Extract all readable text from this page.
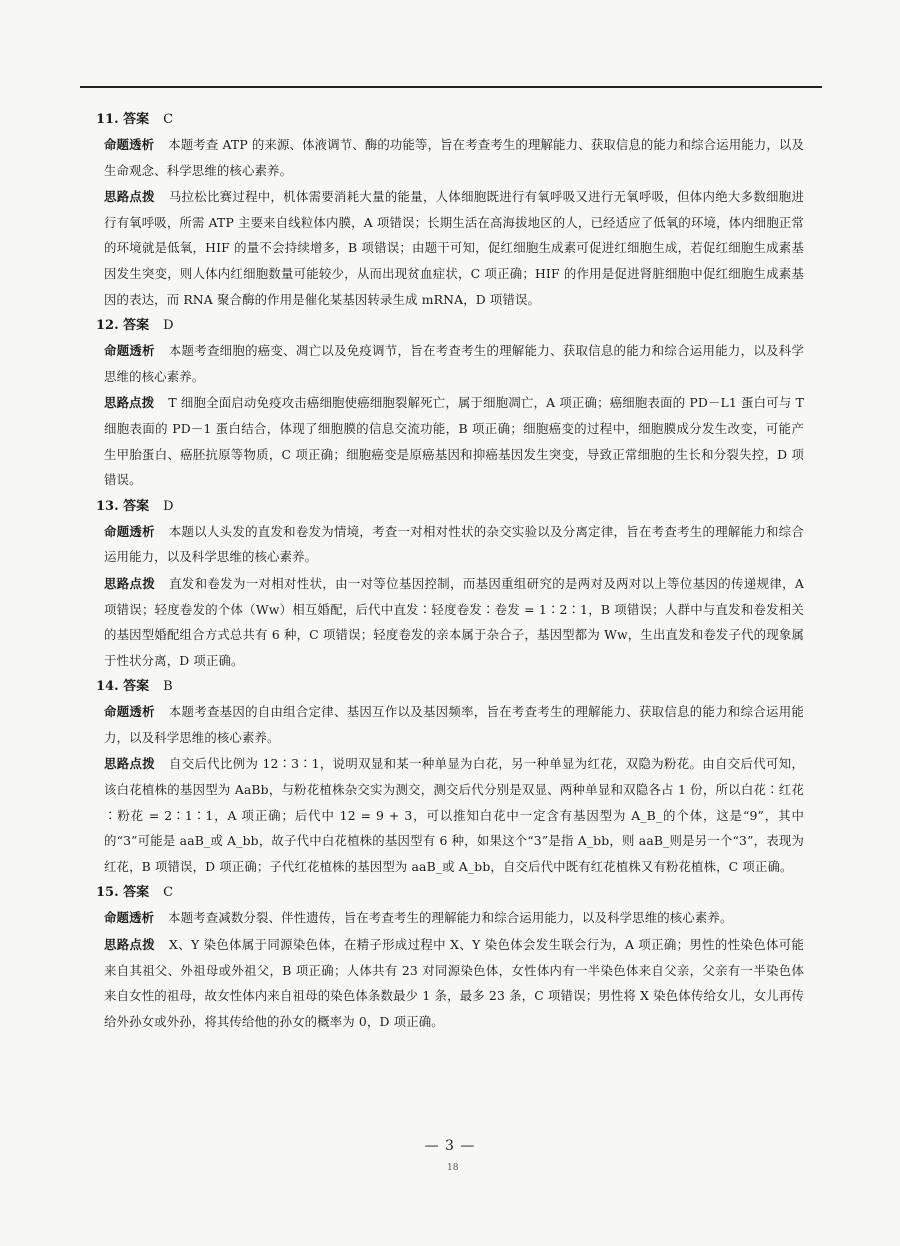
11. 答案 C
命题透析 本题考查 ATP 的来源、体液调节、酶的功能等，旨在考查考生的理解能力、获取信息的能力和综合运用能力，以及生命观念、科学思维的核心素养。
思路点拨 马拉松比赛过程中，机体需要消耗大量的能量，人体细胞既进行有氧呼吸又进行无氧呼吸，但体内绝大多数细胞进行有氧呼吸，所需 ATP 主要来自线粒体内膜，A 项错误；长期生活在高海拔地区的人，已经适应了低氧的环境，体内细胞正常的环境就是低氧，HIF 的量不会持续增多，B 项错误；由题干可知，促红细胞生成素可促进红细胞生成，若促红细胞生成素基因发生突变，则人体内红细胞数量可能较少，从而出现贫血症状，C 项正确；HIF 的作用是促进肾脏细胞中促红细胞生成素基因的表达，而 RNA 聚合酶的作用是催化某基因转录生成 mRNA，D 项错误。
12. 答案 D
命题透析 本题考查细胞的癌变、凋亡以及免疫调节，旨在考查考生的理解能力、获取信息的能力和综合运用能力，以及科学思维的核心素养。
思路点拨 T 细胞全面启动免疫攻击癌细胞使癌细胞裂解死亡，属于细胞凋亡，A 项正确；癌细胞表面的 PD－L1 蛋白可与 T 细胞表面的 PD－1 蛋白结合，体现了细胞膜的信息交流功能，B 项正确；细胞癌变的过程中，细胞膜成分发生改变，可能产生甲胎蛋白、癌胚抗原等物质，C 项正确；细胞癌变是原癌基因和抑癌基因发生突变，导致正常细胞的生长和分裂失控，D 项错误。
13. 答案 D
命题透析 本题以人头发的直发和卷发为情境，考查一对相对性状的杂交实验以及分离定律，旨在考查考生的理解能力和综合运用能力，以及科学思维的核心素养。
思路点拨 直发和卷发为一对相对性状，由一对等位基因控制，而基因重组研究的是两对及两对以上等位基因的传递规律，A 项错误；轻度卷发的个体（Ww）相互婚配，后代中直发∶轻度卷发∶卷发 = 1∶2∶1，B 项错误；人群中与直发和卷发相关的基因型婚配组合方式总共有 6 种，C 项错误；轻度卷发的亲本属于杂合子，基因型都为 Ww，生出直发和卷发子代的现象属于性状分离，D 项正确。
14. 答案 B
命题透析 本题考查基因的自由组合定律、基因互作以及基因频率，旨在考查考生的理解能力、获取信息的能力和综合运用能力，以及科学思维的核心素养。
思路点拨 自交后代比例为 12∶3∶1，说明双显和某一种单显为白花，另一种单显为红花，双隐为粉花。由自交后代可知，该白花植株的基因型为 AaBb，与粉花植株杂交实为测交，测交后代分别是双显、两种单显和双隐各占 1 份，所以白花∶红花∶粉花 = 2∶1∶1，A 项正确；后代中 12 = 9 + 3，可以推知白花中一定含有基因型为 A_B_的个体，这是“9”，其中的“3”可能是 aaB_或 A_bb，故子代中白花植株的基因型有 6 种，如果这个“3”是指 A_bb，则 aaB_则是另一个“3”，表现为红花，B 项错误，D 项正确；子代红花植株的基因型为 aaB_或 A_bb，自交后代中既有红花植株又有粉花植株，C 项正确。
15. 答案 C
命题透析 本题考查减数分裂、伴性遗传，旨在考查考生的理解能力和综合运用能力，以及科学思维的核心素养。
思路点拨 X、Y 染色体属于同源染色体，在精子形成过程中 X、Y 染色体会发生联会行为，A 项正确；男性的性染色体可能来自其祖父、外祖母或外祖父，B 项正确；人体共有 23 对同源染色体，女性体内有一半染色体来自父亲，父亲有一半染色体来自女性的祖母，故女性体内来自祖母的染色体条数最少 1 条，最多 23 条，C 项错误；男性将 X 染色体传给女儿，女儿再传给外孙女或外孙，将其传给他的孙女的概率为 0，D 项正确。
— 3 —
18
